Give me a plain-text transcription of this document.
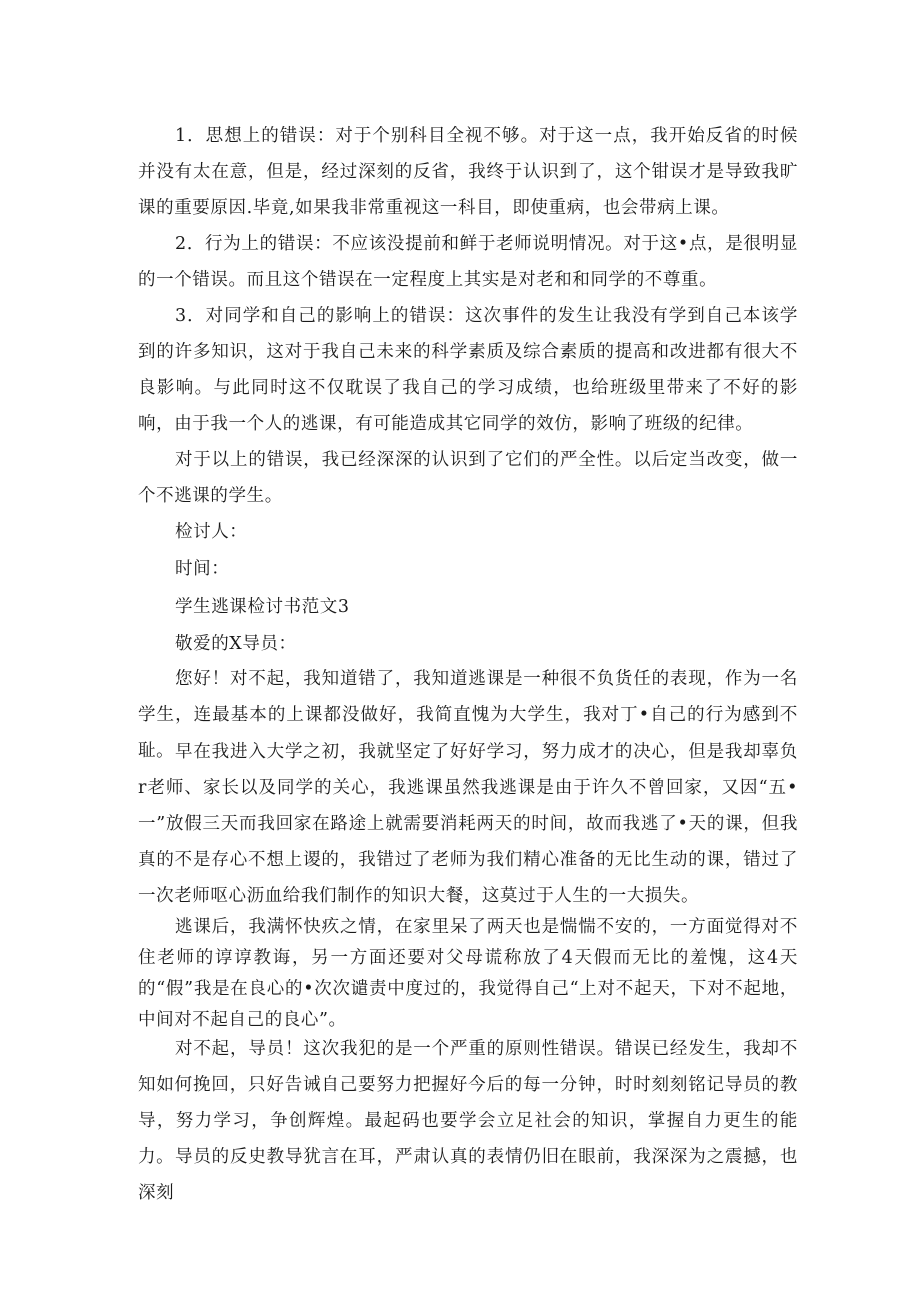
1．思想上的错误：对于个别科目全视不够。对于这一点，我开始反省的时候并没有太在意，但是，经过深刻的反省，我终于认识到了，这个钳误才是导致我旷课的重要原因.毕竟,如果我非常重视这一科目，即使重病，也会带病上课。

2．行为上的错误：不应该没提前和鲜于老师说明情况。对于这•点，是很明显的一个错误。而且这个错误在一定程度上其实是对老和和同学的不尊重。

3．对同学和自己的影响上的错误：这次事件的发生让我没有学到自己本该学到的许多知识，这对于我自己未来的科学素质及综合素质的提高和改进都有很大不良影响。与此同时这不仅耽误了我自己的学习成绩，也给班级里带来了不好的影响，由于我一个人的逃课，有可能造成其它同学的效仿，影响了班级的纪律。

对于以上的错误，我已经深深的认识到了它们的严全性。以后定当改变，做一个不逃课的学生。

检讨人：

时间：

学生逃课检讨书范文3

敬爱的X导员：

您好！对不起，我知道错了，我知道逃课是一种很不负货任的表现，作为一名学生，连最基本的上课都没做好，我简直愧为大学生，我对丁•自己的行为感到不耻。 早在我进入大学之初，我就坚定了好好学习，努力成才的决心，但是我却辜负r老师、家长以及同学的关心，我逃课虽然我逃课是由于许久不曾回家，又因“五•一”放假三天而我回家在路途上就需要消耗两天的时间，故而我逃了•天的课，但我真的不是存心不想上谡的，我错过了老师为我们精心准备的无比生动的课，错过了一次老师呕心沥血给我们制作的知识大餐，这莫过于人生的一大损失。

逃课后，我满怀快疚之情，在家里呆了两天也是惴惴不安的，一方面觉得对不住老师的谆谆教诲，另一方面还要对父母谎称放了4天假而无比的羞愧，这4天的“假”我是在良心的•次次谴责中度过的，我觉得自己“上对不起天，下对不起地，中间对不起自己的良心”。

对不起，导员！这次我犯的是一个严重的原则性错误。错误已经发生，我却不知如何挽回，只好告诫自己要努力把握好今后的每一分钟，时时刻刻铭记导员的教导，努力学习，争创辉煌。最起码也要学会立足社会的知识，掌握自力更生的能力。 导员的反史教导犹言在耳，严肃认真的表情仍旧在眼前，我深深为之震撼，也深刻
